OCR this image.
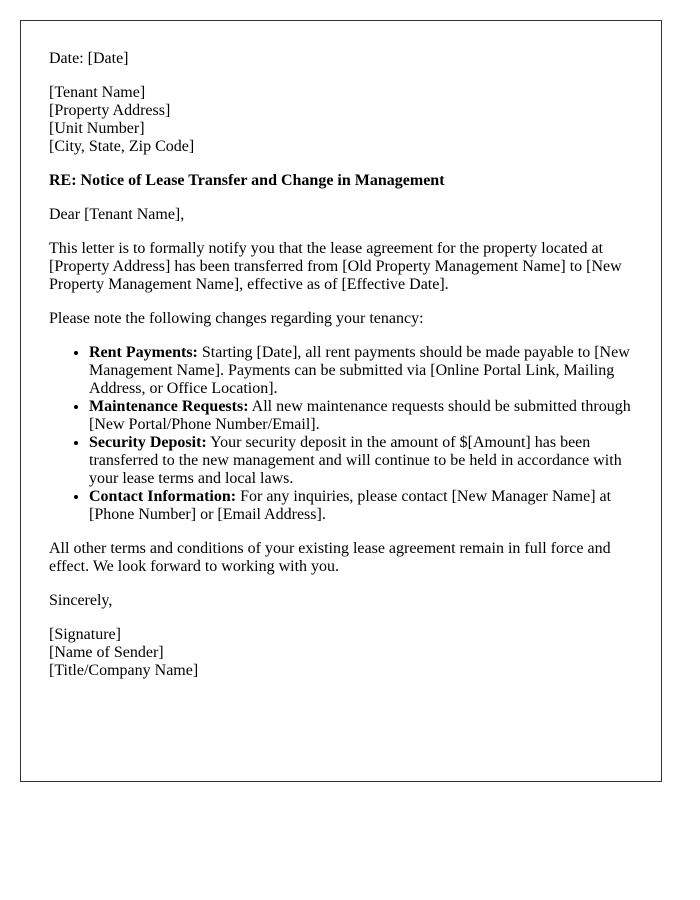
Date: [Date]

[Tenant Name]
[Property Address]
[Unit Number]
[City, State, Zip Code]

RE: Notice of Lease Transfer and Change in Management

Dear [Tenant Name],

This letter is to formally notify you that the lease agreement for the property located at [Property Address] has been transferred from [Old Property Management Name] to [New Property Management Name], effective as of [Effective Date].

Please note the following changes regarding your tenancy:

• Rent Payments: Starting [Date], all rent payments should be made payable to [New Management Name]. Payments can be submitted via [Online Portal Link, Mailing Address, or Office Location].
• Maintenance Requests: All new maintenance requests should be submitted through [New Portal/Phone Number/Email].
• Security Deposit: Your security deposit in the amount of $[Amount] has been transferred to the new management and will continue to be held in accordance with your lease terms and local laws.
• Contact Information: For any inquiries, please contact [New Manager Name] at [Phone Number] or [Email Address].

All other terms and conditions of your existing lease agreement remain in full force and effect. We look forward to working with you.

Sincerely,

[Signature]
[Name of Sender]
[Title/Company Name]
